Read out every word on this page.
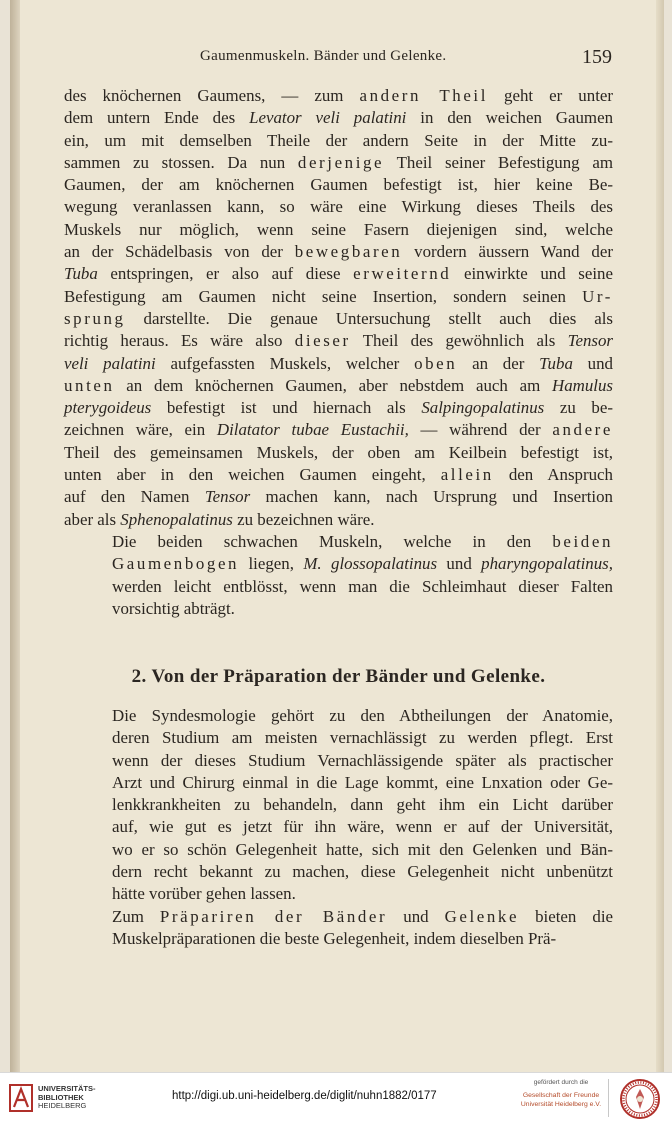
Gaumenmuskeln. Bänder und Gelenke.	159

des knöchernen Gaumens, — zum andern Theil geht er unter
dem untern Ende des Levator veli palatini in den weichen Gaumen
ein, um mit demselben Theile der andern Seite in der Mitte zu-
sammen zu stossen. Da nun derjenige Theil seiner Befestigung am
Gaumen, der am knöchernen Gaumen befestigt ist, hier keine Be-
wegung veranlassen kann, so wäre eine Wirkung dieses Theils des
Muskels nur möglich, wenn seine Fasern diejenigen sind, welche
an der Schädelbasis von der bewegbaren vordern äussern Wand der
Tuba entspringen, er also auf diese erweiternd einwirkte und seine
Befestigung am Gaumen nicht seine Insertion, sondern seinen Ur-
sprung darstellte. Die genaue Untersuchung stellt auch dies als
richtig heraus. Es wäre also dieser Theil des gewöhnlich als Tensor
veli palatini aufgefassten Muskels, welcher oben an der Tuba und
unten an dem knöchernen Gaumen, aber nebstdem auch am Hamulus
pterygoideus befestigt ist und hiernach als Salpingopalatinus zu be-
zeichnen wäre, ein Dilatator tubae Eustachii, — während der andere
Theil des gemeinsamen Muskels, der oben am Keilbein befestigt ist,
unten aber in den weichen Gaumen eingeht, allein den Anspruch
auf den Namen Tensor machen kann, nach Ursprung und Insertion
aber als Sphenopalatinus zu bezeichnen wäre.

Die beiden schwachen Muskeln, welche in den beiden
Gaumenbogen liegen, M. glossopalatinus und pharyngopalatinus,
werden leicht entblösst, wenn man die Schleimhaut dieser Falten
vorsichtig abträgt.

2. Von der Präparation der Bänder und Gelenke.

Die Syndesmologie gehört zu den Abtheilungen der Anatomie,
deren Studium am meisten vernachlässigt zu werden pflegt. Erst
wenn der dieses Studium Vernachlässigende später als practischer
Arzt und Chirurg einmal in die Lage kommt, eine Lnxation oder Ge-
lenkkrankheiten zu behandeln, dann geht ihm ein Licht darüber
auf, wie gut es jetzt für ihn wäre, wenn er auf der Universität,
wo er so schön Gelegenheit hatte, sich mit den Gelenken und Bän-
dern recht bekannt zu machen, diese Gelegenheit nicht unbenützt
hätte vorüber gehen lassen.

Zum Präpariren der Bänder und Gelenke bieten die
Muskelpräparationen die beste Gelegenheit, indem dieselben Prä-

UNIVERSITÄTS-
BIBLIOTHEK
HEIDELBERG
http://digi.ub.uni-heidelberg.de/diglit/nuhn1882/0177
gefördert durch die
Gesellschaft der Freunde
Universität Heidelberg e.V.
